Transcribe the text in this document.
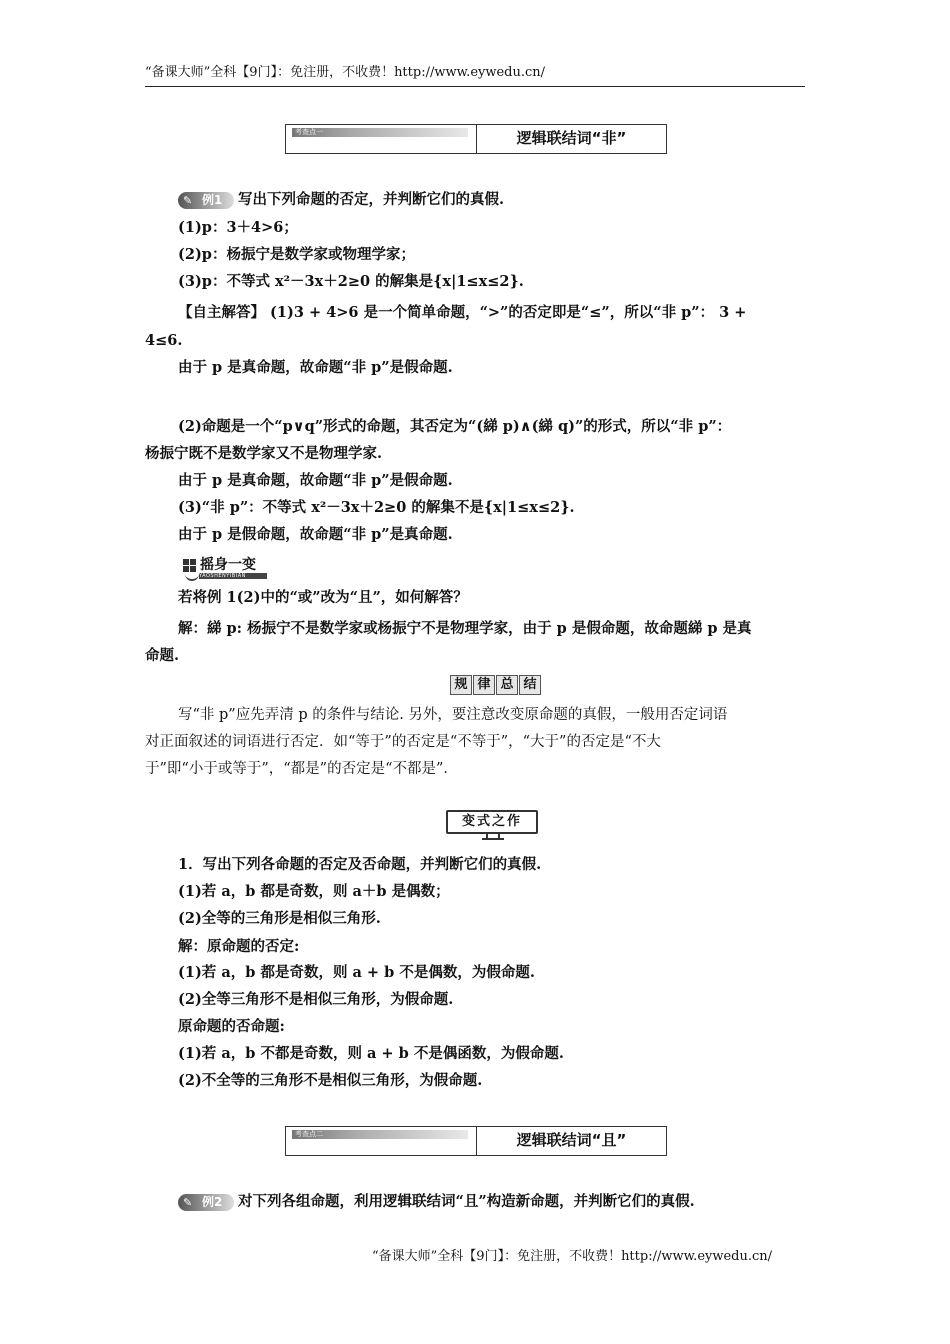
“备课大师”全科【9门】：免注册，不收费！http://www.eywedu.cn/
考查点一	逻辑联结词“非”
✎ 例1 写出下列命题的否定，并判断它们的真假.
(1)p：3＋4>6；
(2)p：杨振宁是数学家或物理学家；
(3)p：不等式 x²－3x＋2≥0 的解集是{x|1≤x≤2}.
【自主解答】 (1)3 + 4>6 是一个简单命题，“>”的否定即是“≤”，所以“非 p”： 3 +
4≤6.
由于 p 是真命题，故命题“非 p”是假命题.
(2)命题是一个“p∨q”形式的命题，其否定为“(綈 p)∧(綈 q)”的形式，所以“非 p”：
杨振宁既不是数学家又不是物理学家.
由于 p 是真命题，故命题“非 p”是假命题.
(3)“非 p”：不等式 x²－3x＋2≥0 的解集不是{x|1≤x≤2}.
由于 p 是假命题，故命题“非 p”是真命题.
摇身一变
YAOSHENYIBIAN
若将例 1(2)中的“或”改为“且”，如何解答？
解：綈 p: 杨振宁不是数学家或杨振宁不是物理学家，由于 p 是假命题，故命题綈 p 是真
命题.
规 律 总 结
写“非 p”应先弄清 p 的条件与结论. 另外，要注意改变原命题的真假，一般用否定词语
对正面叙述的词语进行否定．如“等于”的否定是“不等于”，“大于”的否定是“不大
于”即“小于或等于”，“都是”的否定是“不都是”．
变式之作
1．写出下列各命题的否定及否命题，并判断它们的真假.
(1)若 a，b 都是奇数，则 a＋b 是偶数；
(2)全等的三角形是相似三角形.
解：原命题的否定:
(1)若 a，b 都是奇数，则 a + b 不是偶数，为假命题.
(2)全等三角形不是相似三角形，为假命题.
原命题的否命题:
(1)若 a，b 不都是奇数，则 a + b 不是偶函数，为假命题.
(2)不全等的三角形不是相似三角形，为假命题.
考查点二	逻辑联结词“且”
✎ 例2 对下列各组命题，利用逻辑联结词“且”构造新命题，并判断它们的真假.
“备课大师”全科【9门】：免注册，不收费！http://www.eywedu.cn/
